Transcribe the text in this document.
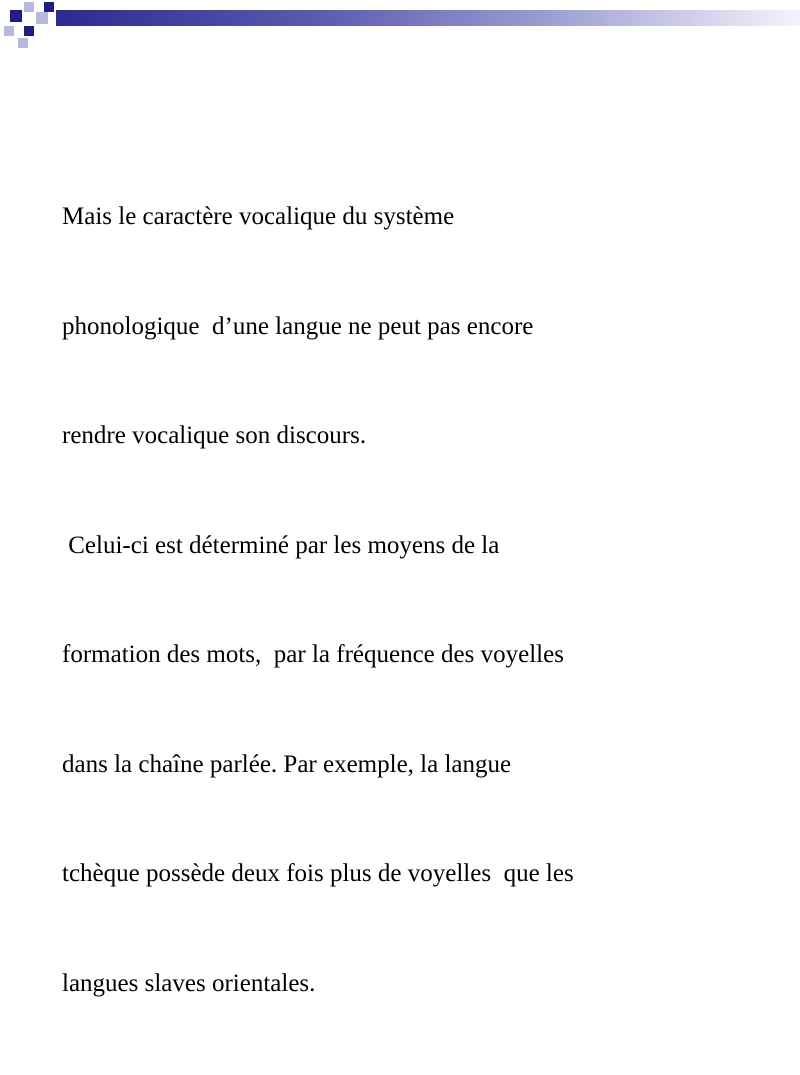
Mais le caractère vocalique du système

phonologique  d’une langue ne peut pas encore

rendre vocalique son discours.

Celui-ci est déterminé par les moyens de la

formation des mots,  par la fréquence des voyelles

dans la chaîne parlée. Par exemple, la langue

tchèque possède deux fois plus de voyelles  que les

langues slaves orientales.
